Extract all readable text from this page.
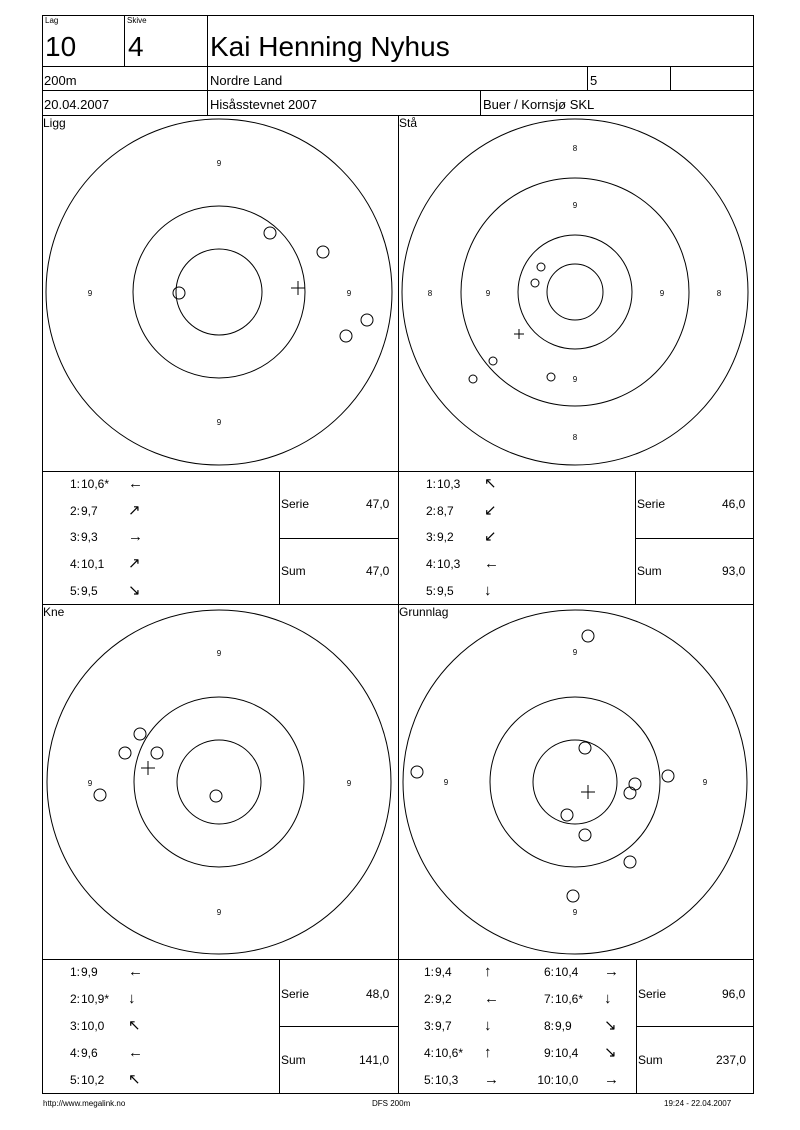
Lag
10
Skive
4 Kai Henning Nyhus
200m	Nordre Land	5
20.04.2007	Hisåsstevnet 2007	Buer / Kornsjø SKL
Ligg	Stå
Kne	Grunnlag
9
9	9
9
8
9
8	9	9	8
9
8
9
9	9
9
9
9	9
9
1: 10,6* ←
2: 9,7 ↗
3: 9,3 →
4: 10,1 ↗
5: 9,5 ↘
Serie	47,0
Sum	47,0
1: 10,3 ↖
2: 8,7 ↙
3: 9,2 ↙
4: 10,3 ←
5: 9,5 ↓
Serie	46,0
Sum	93,0
1: 9,9 ←
2: 10,9* ↓
3: 10,0 ↖
4: 9,6 ←
5: 10,2 ↖
Serie	48,0
Sum	141,0
1: 9,4 ↑
2: 9,2 ←
3: 9,7 ↓
4: 10,6* ↑
5: 10,3 →
6: 10,4 →
7: 10,6* ↓
8: 9,9 ↘
9: 10,4 ↘
10: 10,0 →
Serie	96,0
Sum	237,0
http://www.megalink.no	DFS 200m	19:24 - 22.04.2007
